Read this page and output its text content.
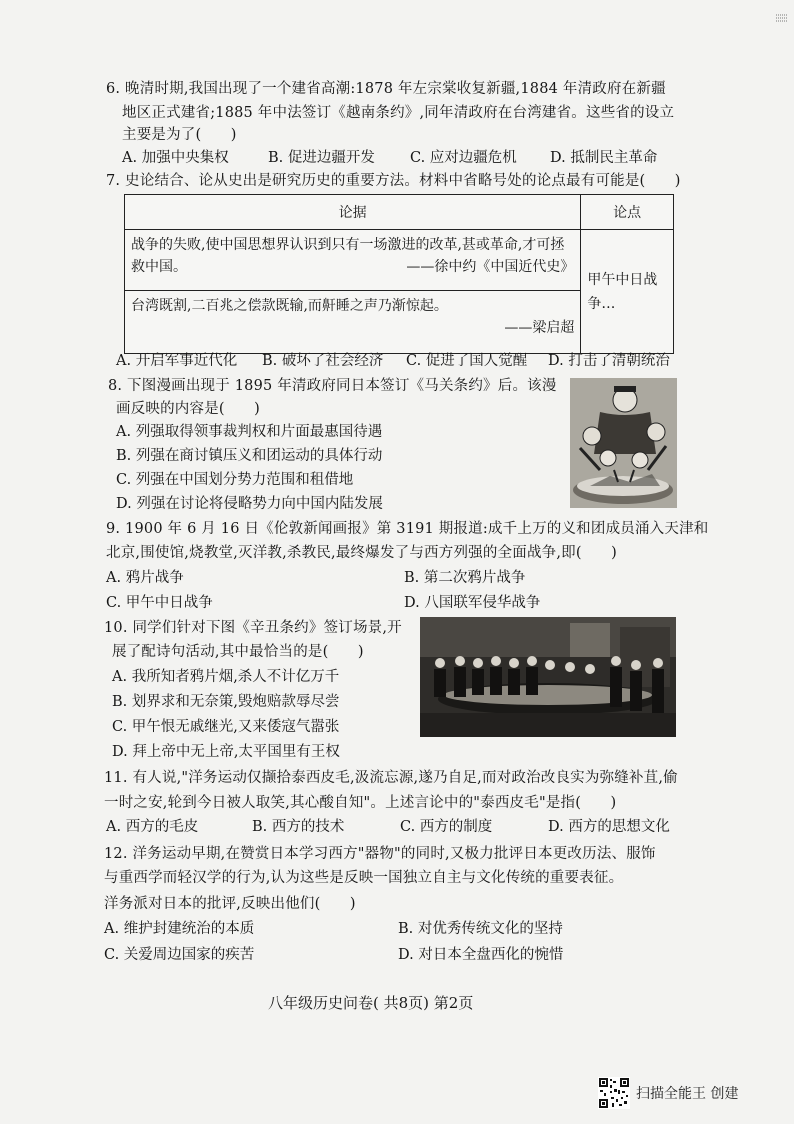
6. 晚清时期,我国出现了一个建省高潮:1878 年左宗棠收复新疆,1884 年清政府在新疆
地区正式建省;1885 年中法签订《越南条约》,同年清政府在台湾建省。这些省的设立
主要是为了(　　)
A. 加强中央集权	B. 促进边疆开发 C. 应对边疆危机 D. 抵制民主革命
7. 史论结合、论从史出是研究历史的重要方法。材料中省略号处的论点最有可能是(　　)
论据	论点

战争的失败,使中国思想界认识到只有一场激进的改革,甚或革命,才可拯救中国。 ——徐中约《中国近代史》	甲午中日战争…

台湾既割,二百兆之偿款既输,而鼾睡之声乃渐惊起。
——梁启超	
A. 开启军事近代化 B. 破坏了社会经济 C. 促进了国人觉醒 D. 打击了清朝统治
8. 下图漫画出现于 1895 年清政府同日本签订《马关条约》后。该漫
画反映的内容是(　　)
A. 列强取得领事裁判权和片面最惠国待遇
B. 列强在商讨镇压义和团运动的具体行动
C. 列强在中国划分势力范围和租借地
D. 列强在讨论将侵略势力向中国内陆发展
9. 1900 年 6 月 16 日《伦敦新闻画报》第 3191 期报道:成千上万的义和团成员涌入天津和
北京,围使馆,烧教堂,灭洋教,杀教民,最终爆发了与西方列强的全面战争,即(　　)
A. 鸦片战争	B. 第二次鸦片战争
C. 甲午中日战争	D. 八国联军侵华战争
10. 同学们针对下图《辛丑条约》签订场景,开
展了配诗句活动,其中最恰当的是(　　)
A. 我所知者鸦片烟,杀人不计亿万千
B. 划界求和无奈策,毁炮赔款辱尽尝
C. 甲午恨无戚继光,又来倭寇气嚣张
D. 拜上帝中无上帝,太平国里有王权
11. 有人说,"洋务运动仅撷拾泰西皮毛,汲流忘源,遂乃自足,而对政治改良实为弥缝补苴,偷
一时之安,轮到今日被人取笑,其心酸自知"。上述言论中的"泰西皮毛"是指(　　)
A. 西方的毛皮	B. 西方的技术	C. 西方的制度	D. 西方的思想文化
12. 洋务运动早期,在赞赏日本学习西方"器物"的同时,又极力批评日本更改历法、服饰
与重西学而轻汉学的行为,认为这些是反映一国独立自主与文化传统的重要表征。
洋务派对日本的批评,反映出他们(　　)
A. 维护封建统治的本质	B. 对优秀传统文化的坚持
C. 关爱周边国家的疾苦	D. 对日本全盘西化的惋惜
八年级历史问卷( 共8页) 第2页
扫描全能王 创建
